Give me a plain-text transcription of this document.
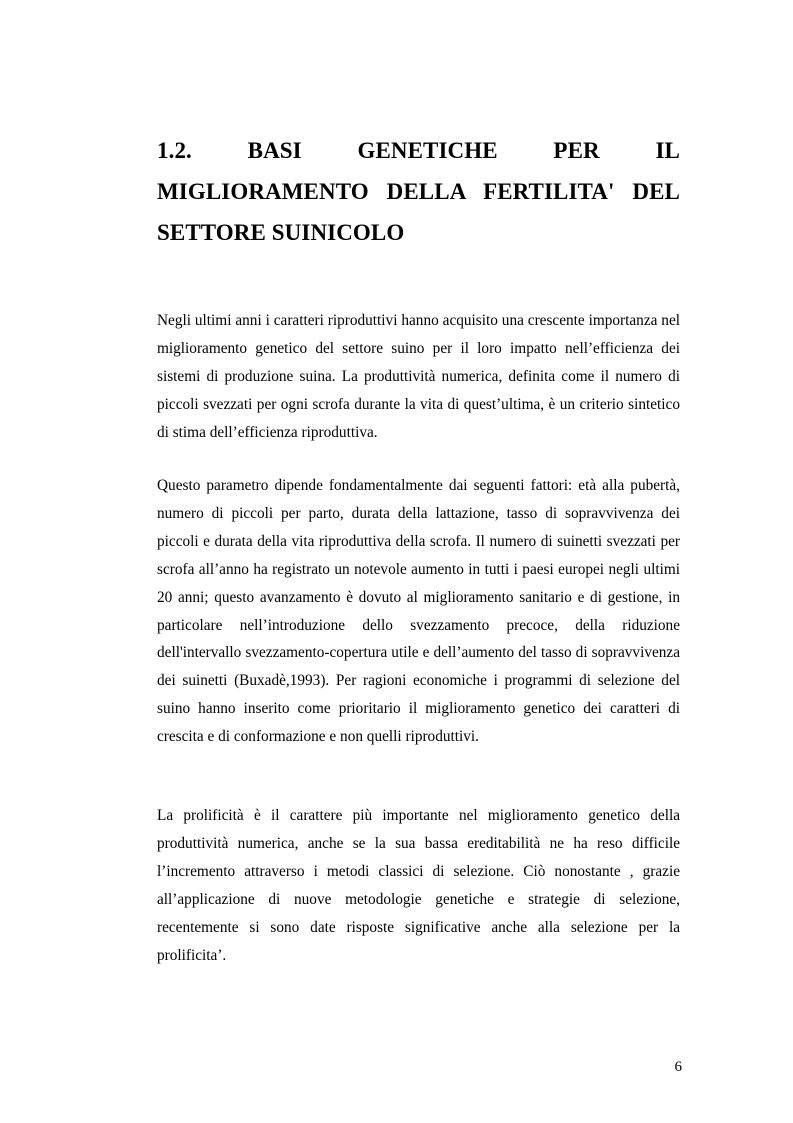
1.2. BASI GENETICHE PER IL
MIGLIORAMENTO DELLA FERTILITA' DEL
SETTORE SUINICOLO

Negli ultimi anni i caratteri riproduttivi hanno acquisito una crescente importanza nel miglioramento genetico del settore suino per il loro impatto nell’efficienza dei sistemi di produzione suina. La produttività numerica, definita come il numero di piccoli svezzati per ogni scrofa durante la vita di quest’ultima, è un criterio sintetico di stima dell’efficienza riproduttiva.

Questo parametro dipende fondamentalmente dai seguenti fattori: età alla pubertà, numero di piccoli per parto, durata della lattazione, tasso di sopravvivenza dei piccoli e durata della vita riproduttiva della scrofa. Il numero di suinetti svezzati per scrofa all’anno ha registrato un notevole aumento in tutti i paesi europei negli ultimi 20 anni; questo avanzamento è dovuto al miglioramento sanitario e di gestione, in particolare nell’introduzione dello svezzamento precoce, della riduzione dell'intervallo svezzamento-copertura utile e dell’aumento del tasso di sopravvivenza dei suinetti (Buxadè,1993). Per ragioni economiche i programmi di selezione del suino hanno inserito come prioritario il miglioramento genetico dei caratteri di crescita e di conformazione e non quelli riproduttivi.

La prolificità è il carattere più importante nel miglioramento genetico della produttività numerica, anche se la sua bassa ereditabilità ne ha reso difficile l’incremento attraverso i metodi classici di selezione. Ciò nonostante , grazie all’applicazione di nuove metodologie genetiche e strategie di selezione, recentemente si sono date risposte significative anche alla selezione per la prolificita’.

6
